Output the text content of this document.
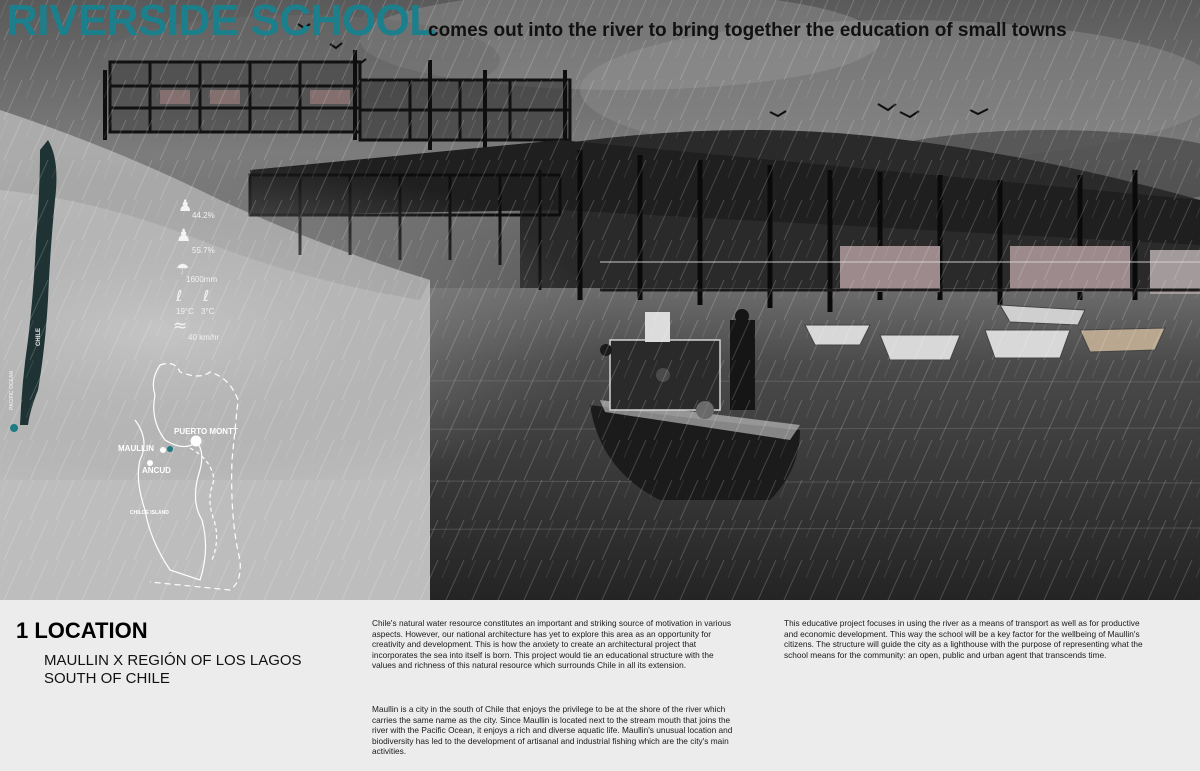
RIVERSIDE SCHOOL
comes out into the river to bring together the education of small towns
♟
44.2%
♟
55.7%
☂
1600mm
ℓ
19°C
ℓ
3°C
≈
40 km/hr
CHILE
PACIFIC OCEAN
PUERTO MONTT
MAULLIN
ANCUD
CHILOE ISLAND
1 LOCATION
MAULLIN X REGIÓN OF LOS LAGOS
SOUTH OF CHILE

Chile's natural water resource constitutes an important and striking source of motivation in various aspects. However, our national architecture has yet to explore this area as an opportunity for creativity and development. This is how the anxiety to create an architectural project that incorporates the sea into itself is born. This project would tie an educational structure with the values and richness of this natural resource which surrounds Chile in all its extension.

Maullin is a city in the south of Chile that enjoys the privilege to be at the shore of the river which carries the same name as the city. Since Maullin is located next to the stream mouth that joins the river with the Pacific Ocean, it enjoys a rich and diverse aquatic life. Maullin's unusual location and biodiversity has led to the development of artisanal and industrial fishing which are the city's main activities.

This educative project focuses in using the river as a means of transport as well as for productive and economic development. This way the school will be a key factor for the wellbeing of Maullin's citizens. The structure will guide the city as a lighthouse with the purpose of representing what the school means for the community: an open, public and urban agent that transcends time.
